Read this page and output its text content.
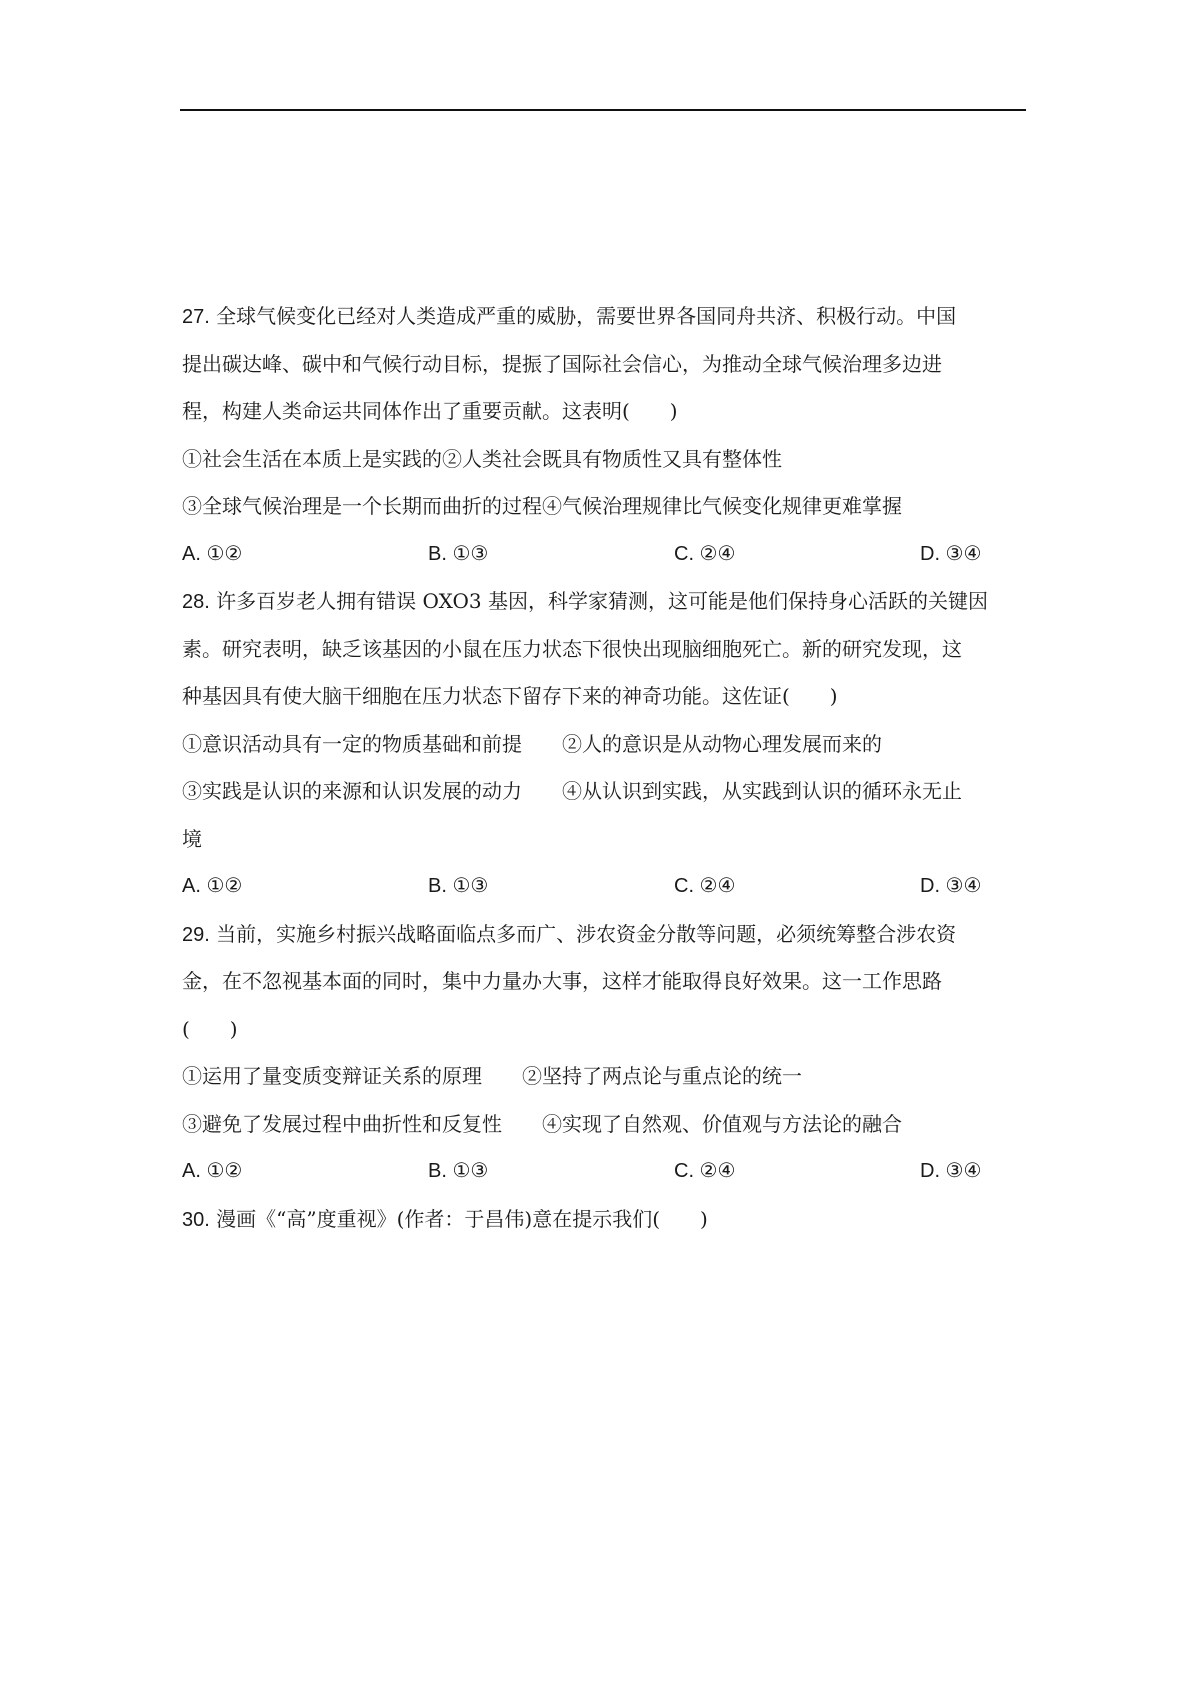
27. 全球气候变化已经对人类造成严重的威胁，需要世界各国同舟共济、积极行动。中国
提出碳达峰、碳中和气候行动目标，提振了国际社会信心，为推动全球气候治理多边进
程，构建人类命运共同体作出了重要贡献。这表明(　　)
①社会生活在本质上是实践的②人类社会既具有物质性又具有整体性
③全球气候治理是一个长期而曲折的过程④气候治理规律比气候变化规律更难掌握
A. ①②	B. ①③	C. ②④	D. ③④
28. 许多百岁老人拥有错误 OXO3 基因，科学家猜测，这可能是他们保持身心活跃的关键因
素。研究表明，缺乏该基因的小鼠在压力状态下很快出现脑细胞死亡。新的研究发现，这
种基因具有使大脑干细胞在压力状态下留存下来的神奇功能。这佐证(　　)
①意识活动具有一定的物质基础和前提 ②人的意识是从动物心理发展而来的
③实践是认识的来源和认识发展的动力 ④从认识到实践，从实践到认识的循环永无止
境
A. ①②	B. ①③	C. ②④	D. ③④
29. 当前，实施乡村振兴战略面临点多而广、涉农资金分散等问题，必须统筹整合涉农资
金，在不忽视基本面的同时，集中力量办大事，这样才能取得良好效果。这一工作思路
(　　)
①运用了量变质变辩证关系的原理 ②坚持了两点论与重点论的统一
③避免了发展过程中曲折性和反复性 ④实现了自然观、价值观与方法论的融合
A. ①②	B. ①③	C. ②④	D. ③④
30. 漫画《“高”度重视》(作者：于昌伟)意在提示我们(　　)
